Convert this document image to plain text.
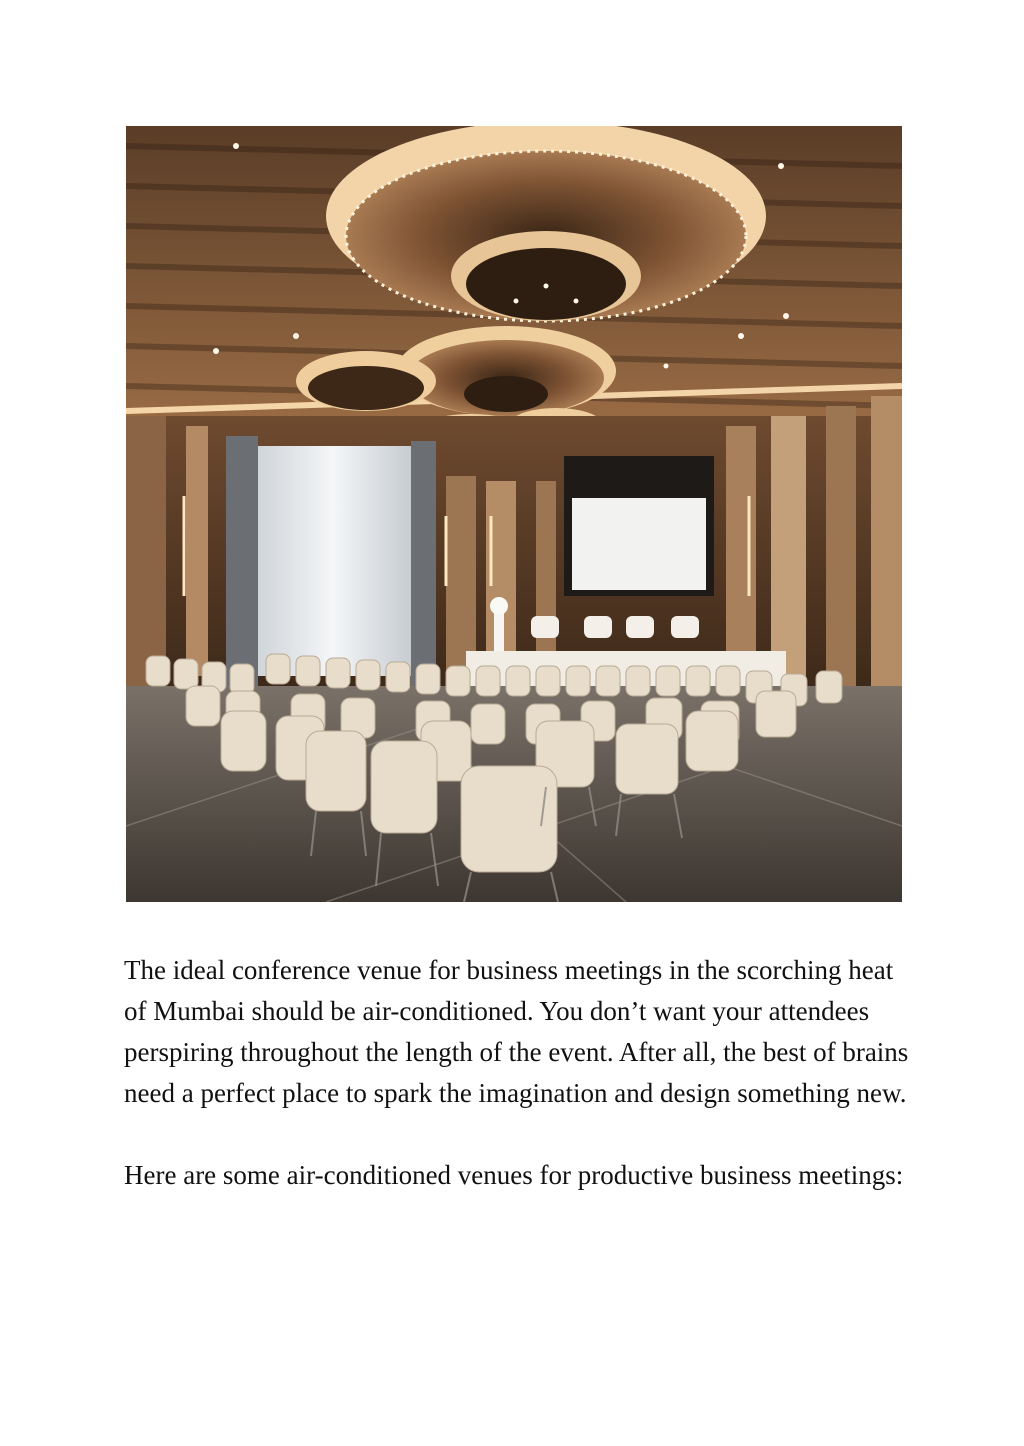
The ideal conference venue for business meetings in the scorching heat of Mumbai should be air-conditioned. You don’t want your attendees perspiring throughout the length of the event. After all, the best of brains need a perfect place to spark the imagination and design something new.

Here are some air-conditioned venues for productive business meetings:
